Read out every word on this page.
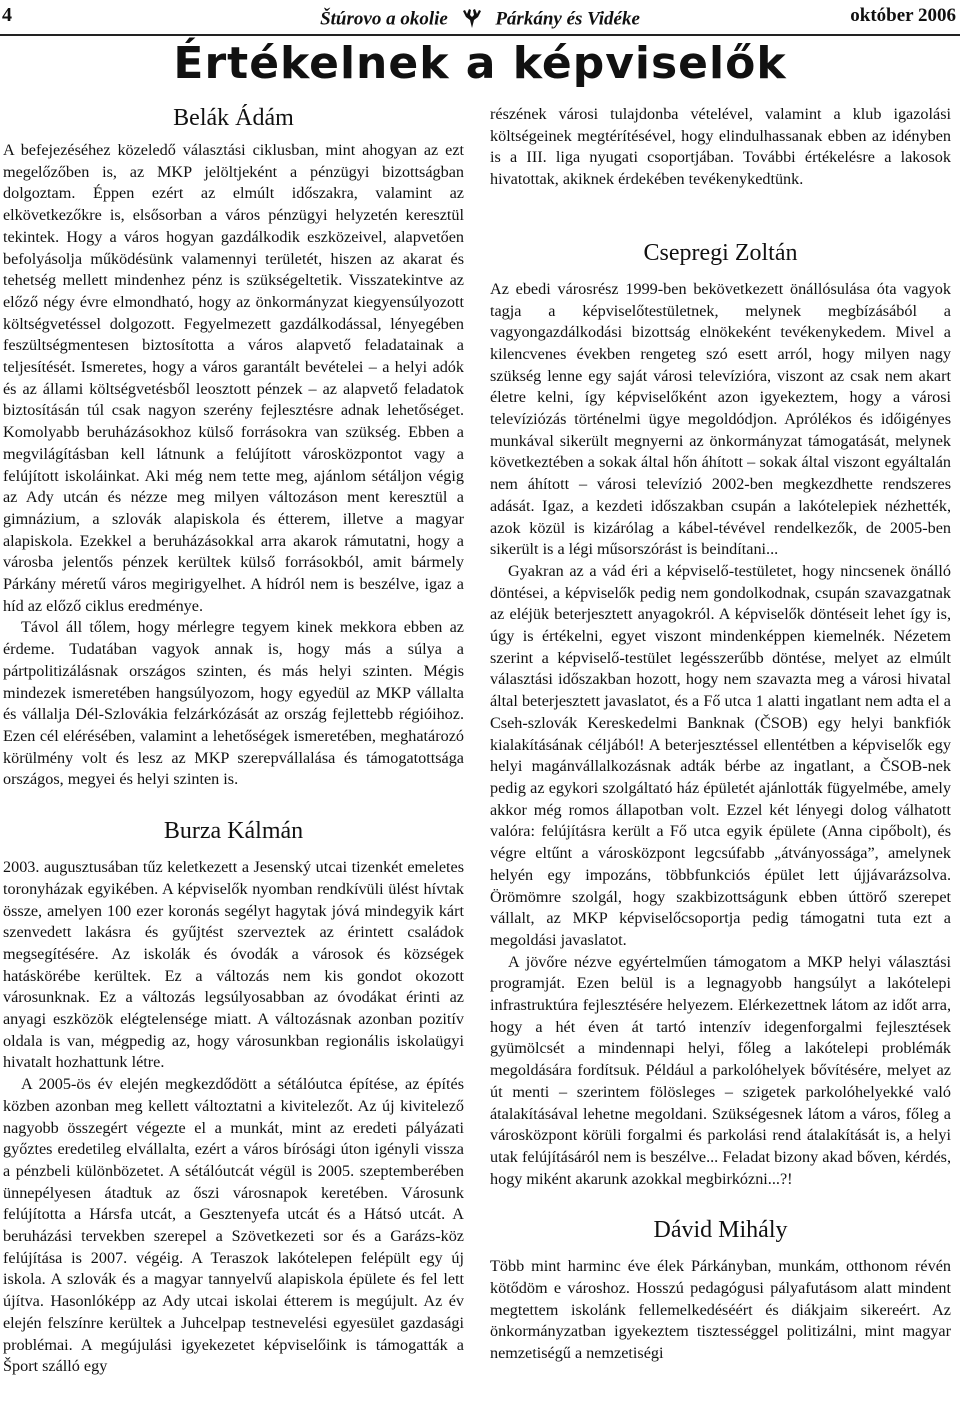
4	Štúrovo a okolie	Párkány és Vidéke	október 2006
Értékelnek a képviselők
Belák Ádám

A befejezéséhez közeledő választási ciklusban, mint ahogyan az ezt megelőzőben is, az MKP jelöltjeként a pénzügyi bizottságban dolgoztam. Éppen ezért az elmúlt időszakra, valamint az elkövetkezőkre is, elsősorban a város pénzügyi helyzetén keresztül tekintek. Hogy a város hogyan gazdálkodik eszközeivel, alapvetően befolyásolja működésünk valamennyi területét, hiszen az akarat és tehetség mellett mindenhez pénz is szükségeltetik. Visszatekintve az előző négy évre elmondható, hogy az önkormányzat kiegyensúlyozott költségvetéssel dolgozott. Fegyelmezett gazdálkodással, lényegében feszültségmentesen biztosította a város alapvető feladatainak a teljesítését. Ismeretes, hogy a város garantált bevételei – a helyi adók és az állami költségvetésből leosztott pénzek – az alapvető feladatok biztosításán túl csak nagyon szerény fejlesztésre adnak lehetőséget. Komolyabb beruházásokhoz külső forrásokra van szükség. Ebben a megvilágításban kell látnunk a felújított városközpontot vagy a felújított iskoláinkat. Aki még nem tette meg, ajánlom sétáljon végig az Ady utcán és nézze meg milyen változáson ment keresztül a gimnázium, a szlovák alapiskola és étterem, illetve a magyar alapiskola. Ezekkel a beruházásokkal arra akarok rámutatni, hogy a városba jelentős pénzek kerültek külső forrásokból, amit bármely Párkány méretű város megirigyelhet. A hídról nem is beszélve, igaz a híd az előző ciklus eredménye.

Távol áll tőlem, hogy mérlegre tegyem kinek mekkora ebben az érdeme. Tudatában vagyok annak is, hogy más a súlya a pártpolitizálásnak országos szinten, és más helyi szinten. Mégis mindezek ismeretében hangsúlyozom, hogy egyedül az MKP vállalta és vállalja Dél-Szlovákia felzárkózását az ország fejlettebb régióihoz. Ezen cél elérésében, valamint a lehetőségek ismeretében, meghatározó körülmény volt és lesz az MKP szerepvállalása és támogatottsága országos, megyei és helyi szinten is.

Burza Kálmán

2003. augusztusában tűz keletkezett a Jesenský utcai tizenkét emeletes toronyházak egyikében. A képviselők nyomban rendkívüli ülést hívtak össze, amelyen 100 ezer koronás segélyt hagytak jóvá mindegyik kárt szenvedett lakásra és gyűjtést szerveztek az érintett családok megsegítésére. Az iskolák és óvodák a városok és községek hatáskörébe kerültek. Ez a változás nem kis gondot okozott városunknak. Ez a változás legsúlyosabban az óvodákat érinti az anyagi eszközök elégtelensége miatt. A változásnak azonban pozitív oldala is van, mégpedig az, hogy városunkban regionális iskolaügyi hivatalt hozhattunk létre.

A 2005-ös év elején megkezdődött a sétálóutca építése, az építés közben azonban meg kellett változtatni a kivitelezőt. Az új kivitelező nagyobb összegért végezte el a munkát, mint az eredeti pályázati győztes eredetileg elvállalta, ezért a város bírósági úton igényli vissza a pénzbeli különbözetet. A sétálóutcát végül is 2005. szeptemberében ünnepélyesen átadtuk az őszi városnapok keretében. Városunk felújította a Hársfa utcát, a Gesztenyefa utcát és a Hátsó utcát. A beruházási tervekben szerepel a Szövetkezeti sor és a Garázs-köz felújítása is 2007. végéig. A Teraszok lakótelepen felépült egy új iskola. A szlovák és a magyar tannyelvű alapiskola épülete és fel lett újítva. Hasonlóképp az Ady utcai iskolai étterem is megújult. Az év elején felszínre kerültek a Juhcelpap testnevelési egyesület gazdasági problémai. A megújulási igyekezetet képviselőink is támogatták a Šport szálló egy

részének városi tulajdonba vételével, valamint a klub igazolási költségeinek megtérítésével, hogy elindulhassanak ebben az idényben is a III. liga nyugati csoportjában. További értékelésre a lakosok hivatottak, akiknek érdekében tevékenykedtünk.

Csepregi Zoltán

Az ebedi városrész 1999-ben bekövetkezett önállósulása óta vagyok tagja a képviselőtestületnek, melynek megbízásából a vagyongazdálkodási bizottság elnökeként tevékenykedem. Mivel a kilencvenes években rengeteg szó esett arról, hogy milyen nagy szükség lenne egy saját városi televízióra, viszont az csak nem akart életre kelni, így képviselőként azon igyekeztem, hogy a városi televíziózás történelmi ügye megoldódjon. Aprólékos és időigényes munkával sikerült megnyerni az önkormányzat támogatását, melynek következtében a sokak által hőn áhított – sokak által viszont egyáltalán nem áhított – városi televízió 2002-ben megkezdhette rendszeres adását. Igaz, a kezdeti időszakban csupán a lakótelepiek nézhették, azok közül is kizárólag a kábel-tévével rendelkezők, de 2005-ben sikerült is a légi műsorszórást is beindítani...

Gyakran az a vád éri a képviselő-testületet, hogy nincsenek önálló döntései, a képviselők pedig nem gondolkodnak, csupán szavazgatnak az eléjük beterjesztett anyagokról. A képviselők döntéseit lehet így is, úgy is értékelni, egyet viszont mindenképpen kiemelnék. Nézetem szerint a képviselő-testület legésszerűbb döntése, melyet az elmúlt választási időszakban hozott, hogy nem szavazta meg a városi hivatal által beterjesztett javaslatot, és a Fő utca 1 alatti ingatlant nem adta el a Cseh-szlovák Kereskedelmi Banknak (ČSOB) egy helyi bankfiók kialakításának céljából! A beterjesztéssel ellentétben a képviselők egy helyi magánvállalkozásnak adták bérbe az ingatlant, a ČSOB-nek pedig az egykori szolgáltató ház épületét ajánlották fügyelmébe, amely akkor még romos állapotban volt. Ezzel két lényegi dolog válhatott valóra: felújításra került a Fő utca egyik épülete (Anna cipőbolt), és végre eltűnt a városközpont legcsúfabb „átványossága”, amelynek helyén egy impozáns, többfunkciós épület lett újjávarázsolva. Örömömre szolgál, hogy szakbizottságunk ebben úttörő szerepet vállalt, az MKP képviselőcsoportja pedig támogatni tuta ezt a megoldási javaslatot.

A jövőre nézve egyértelműen támogatom a MKP helyi választási programját. Ezen belül is a legnagyobb hangsúlyt a lakótelepi infrastruktúra fejlesztésére helyezem. Elérkezettnek látom az időt arra, hogy a hét éven át tartó intenzív idegenforgalmi fejlesztések gyümölcsét a mindennapi helyi, főleg a lakótelepi problémák megoldására fordítsuk. Például a parkolóhelyek bővítésére, melyet az út menti – szerintem fölösleges – szigetek parkolóhelyekké való átalakításával lehetne megoldani. Szükségesnek látom a város, főleg a városközpont körüli forgalmi és parkolási rend átalakítását is, a helyi utak felújításáról nem is beszélve... Feladat bizony akad bőven, kérdés, hogy miként akarunk azokkal megbirkózni...?!

Dávid Mihály

Több mint harminc éve élek Párkányban, munkám, otthonom révén kötődöm e városhoz. Hosszú pedagógusi pályafutásom alatt mindent megtettem iskolánk fellemelkedéséért és diákjaim sikereért. Az önkormányzatban igyekeztem tisztességgel politizálni, mint magyar nemzetiségű a nemzetiségi
